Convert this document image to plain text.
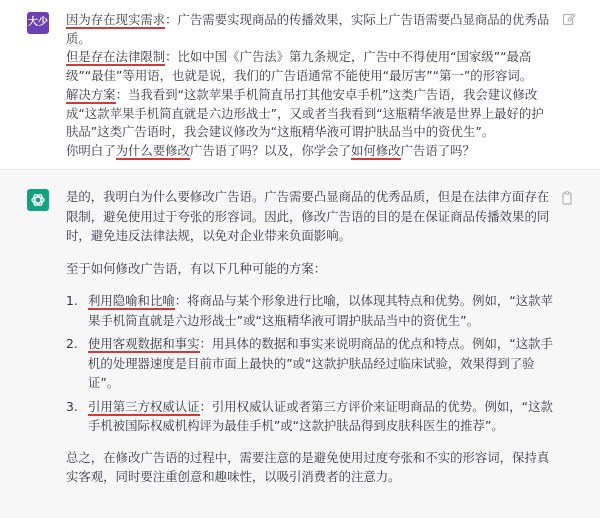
大少 因为存在现实需求：广告需要实现商品的传播效果，实际上广告语需要凸显商品的优秀品质。

但是存在法律限制：比如中国《广告法》第九条规定，广告中不得使用“国家级”“最高级”“最佳”等用语，也就是说，我们的广告语通常不能使用“最厉害”“第一”的形容词。

解决方案：当我看到“这款苹果手机简直吊打其他安卓手机”这类广告语，我会建议修改成“这款苹果手机简直就是六边形战士”，又或者当我看到“这瓶精华液是世界上最好的护肤品”这类广告语时，我会建议修改为“这瓶精华液可谓护肤品当中的资优生”。

你明白了为什么要修改广告语了吗？以及，你学会了如何修改广告语了吗？

是的，我明白为什么要修改广告语。广告需要凸显商品的优秀品质，但是在法律方面存在限制，避免使用过于夸张的形容词。因此，修改广告语的目的是在保证商品传播效果的同时，避免违反法律法规，以免对企业带来负面影响。

至于如何修改广告语，有以下几种可能的方案：

1. 利用隐喻和比喻：将商品与某个形象进行比喻，以体现其特点和优势。例如，“这款苹果手机简直就是六边形战士”或“这瓶精华液可谓护肤品当中的资优生”。
2. 使用客观数据和事实：用具体的数据和事实来说明商品的优点和特点。例如，“这款手机的处理器速度是目前市面上最快的”或“这款护肤品经过临床试验，效果得到了验证”。
3. 引用第三方权威认证：引用权威认证或者第三方评价来证明商品的优势。例如，“这款手机被国际权威机构评为最佳手机”或“这款护肤品得到皮肤科医生的推荐”。

总之，在修改广告语的过程中，需要注意的是避免使用过度夸张和不实的形容词，保持真实客观，同时要注重创意和趣味性，以吸引消费者的注意力。
